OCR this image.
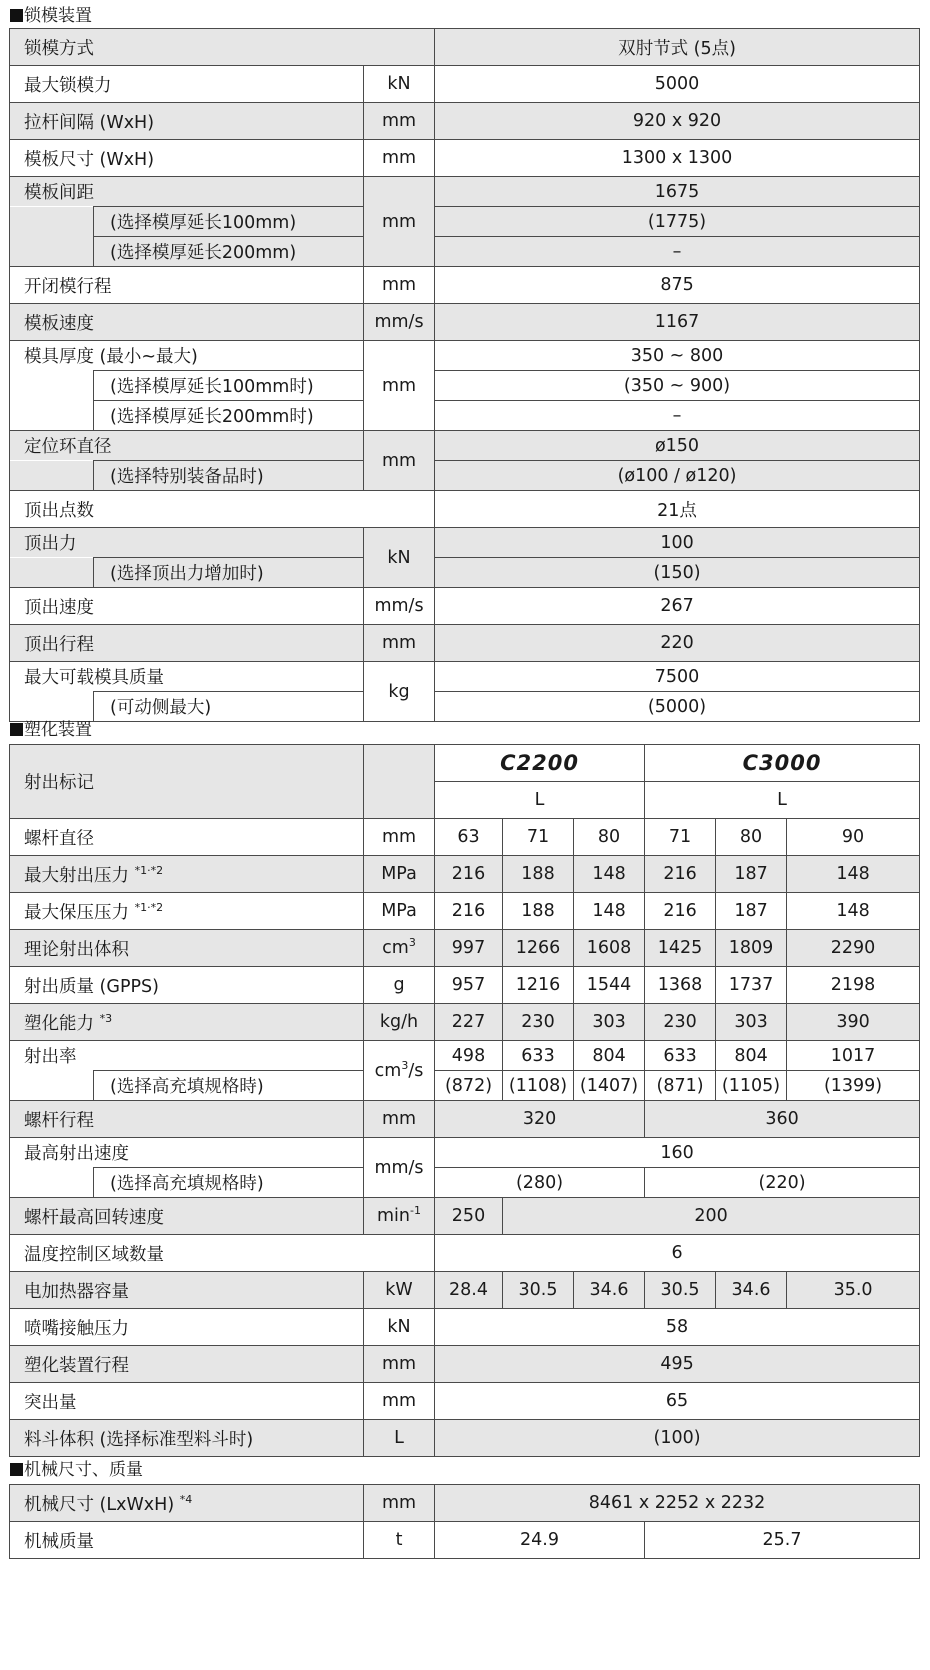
锁模装置
锁模方式			双肘节式 (5点)
最大锁模力		kN	5000
拉杆间隔 (WxH)		mm	920 x 920
模板尺寸 (WxH)		mm	1300 x 1300
模板间距		mm	1675
	(选择模厚延长100mm)		(1775)
	(选择模厚延长200mm)		–
开闭模行程		mm	875
模板速度		mm/s	1167
模具厚度 (最小~最大)		mm	350 ~ 800
	(选择模厚延长100mm时)		(350 ~ 900)
	(选择模厚延长200mm时)		–
定位环直径		mm	ø150
	(选择特别装备品时)		(ø100 / ø120)
顶出点数			21点
顶出力		kN	100
	(选择顶出力增加时)		(150)
顶出速度		mm/s	267
顶出行程		mm	220
最大可载模具质量		kg	7500
	(可动侧最大)		(5000)
塑化装置
射出标记			C2200			C3000		
			L			L		
螺杆直径		mm	63	71	80	71	80	90
最大射出压力 $^{*1\cdot*2}$		MPa	216	188	148	216	187	148
最大保压压力 $^{*1\cdot*2}$		MPa	216	188	148	216	187	148
理论射出体积		$cm^3$	997	1266	1608	1425	1809	2290
射出质量 (GPPS)		g	957	1216	1544	1368	1737	2198
塑化能力 $^{*3}$		kg/h	227	230	303	230	303	390
射出率		$cm^3/s$	498	633	804	633	804	1017
	(选择高充填规格時)		(872)	(1108)	(1407)	(871)	(1105)	(1399)
螺杆行程		mm	320			360		
最高射出速度		mm/s	160					
	(选择高充填规格時)		(280)			(220)		
螺杆最高回转速度		$\min^{-1}$	250	200				
温度控制区域数量			6					
电加热器容量		kW	28.4	30.5	34.6	30.5	34.6	35.0
喷嘴接触压力		kN	58					
塑化装置行程		mm	495					
突出量		mm	65					
料斗体积 (选择标准型料斗时)		L	(100)					
机械尺寸、质量
机械尺寸 (LxWxH) $^{*4}$	mm	8461 x 2252 x 2232	
机械质量	t	24.9	25.7
